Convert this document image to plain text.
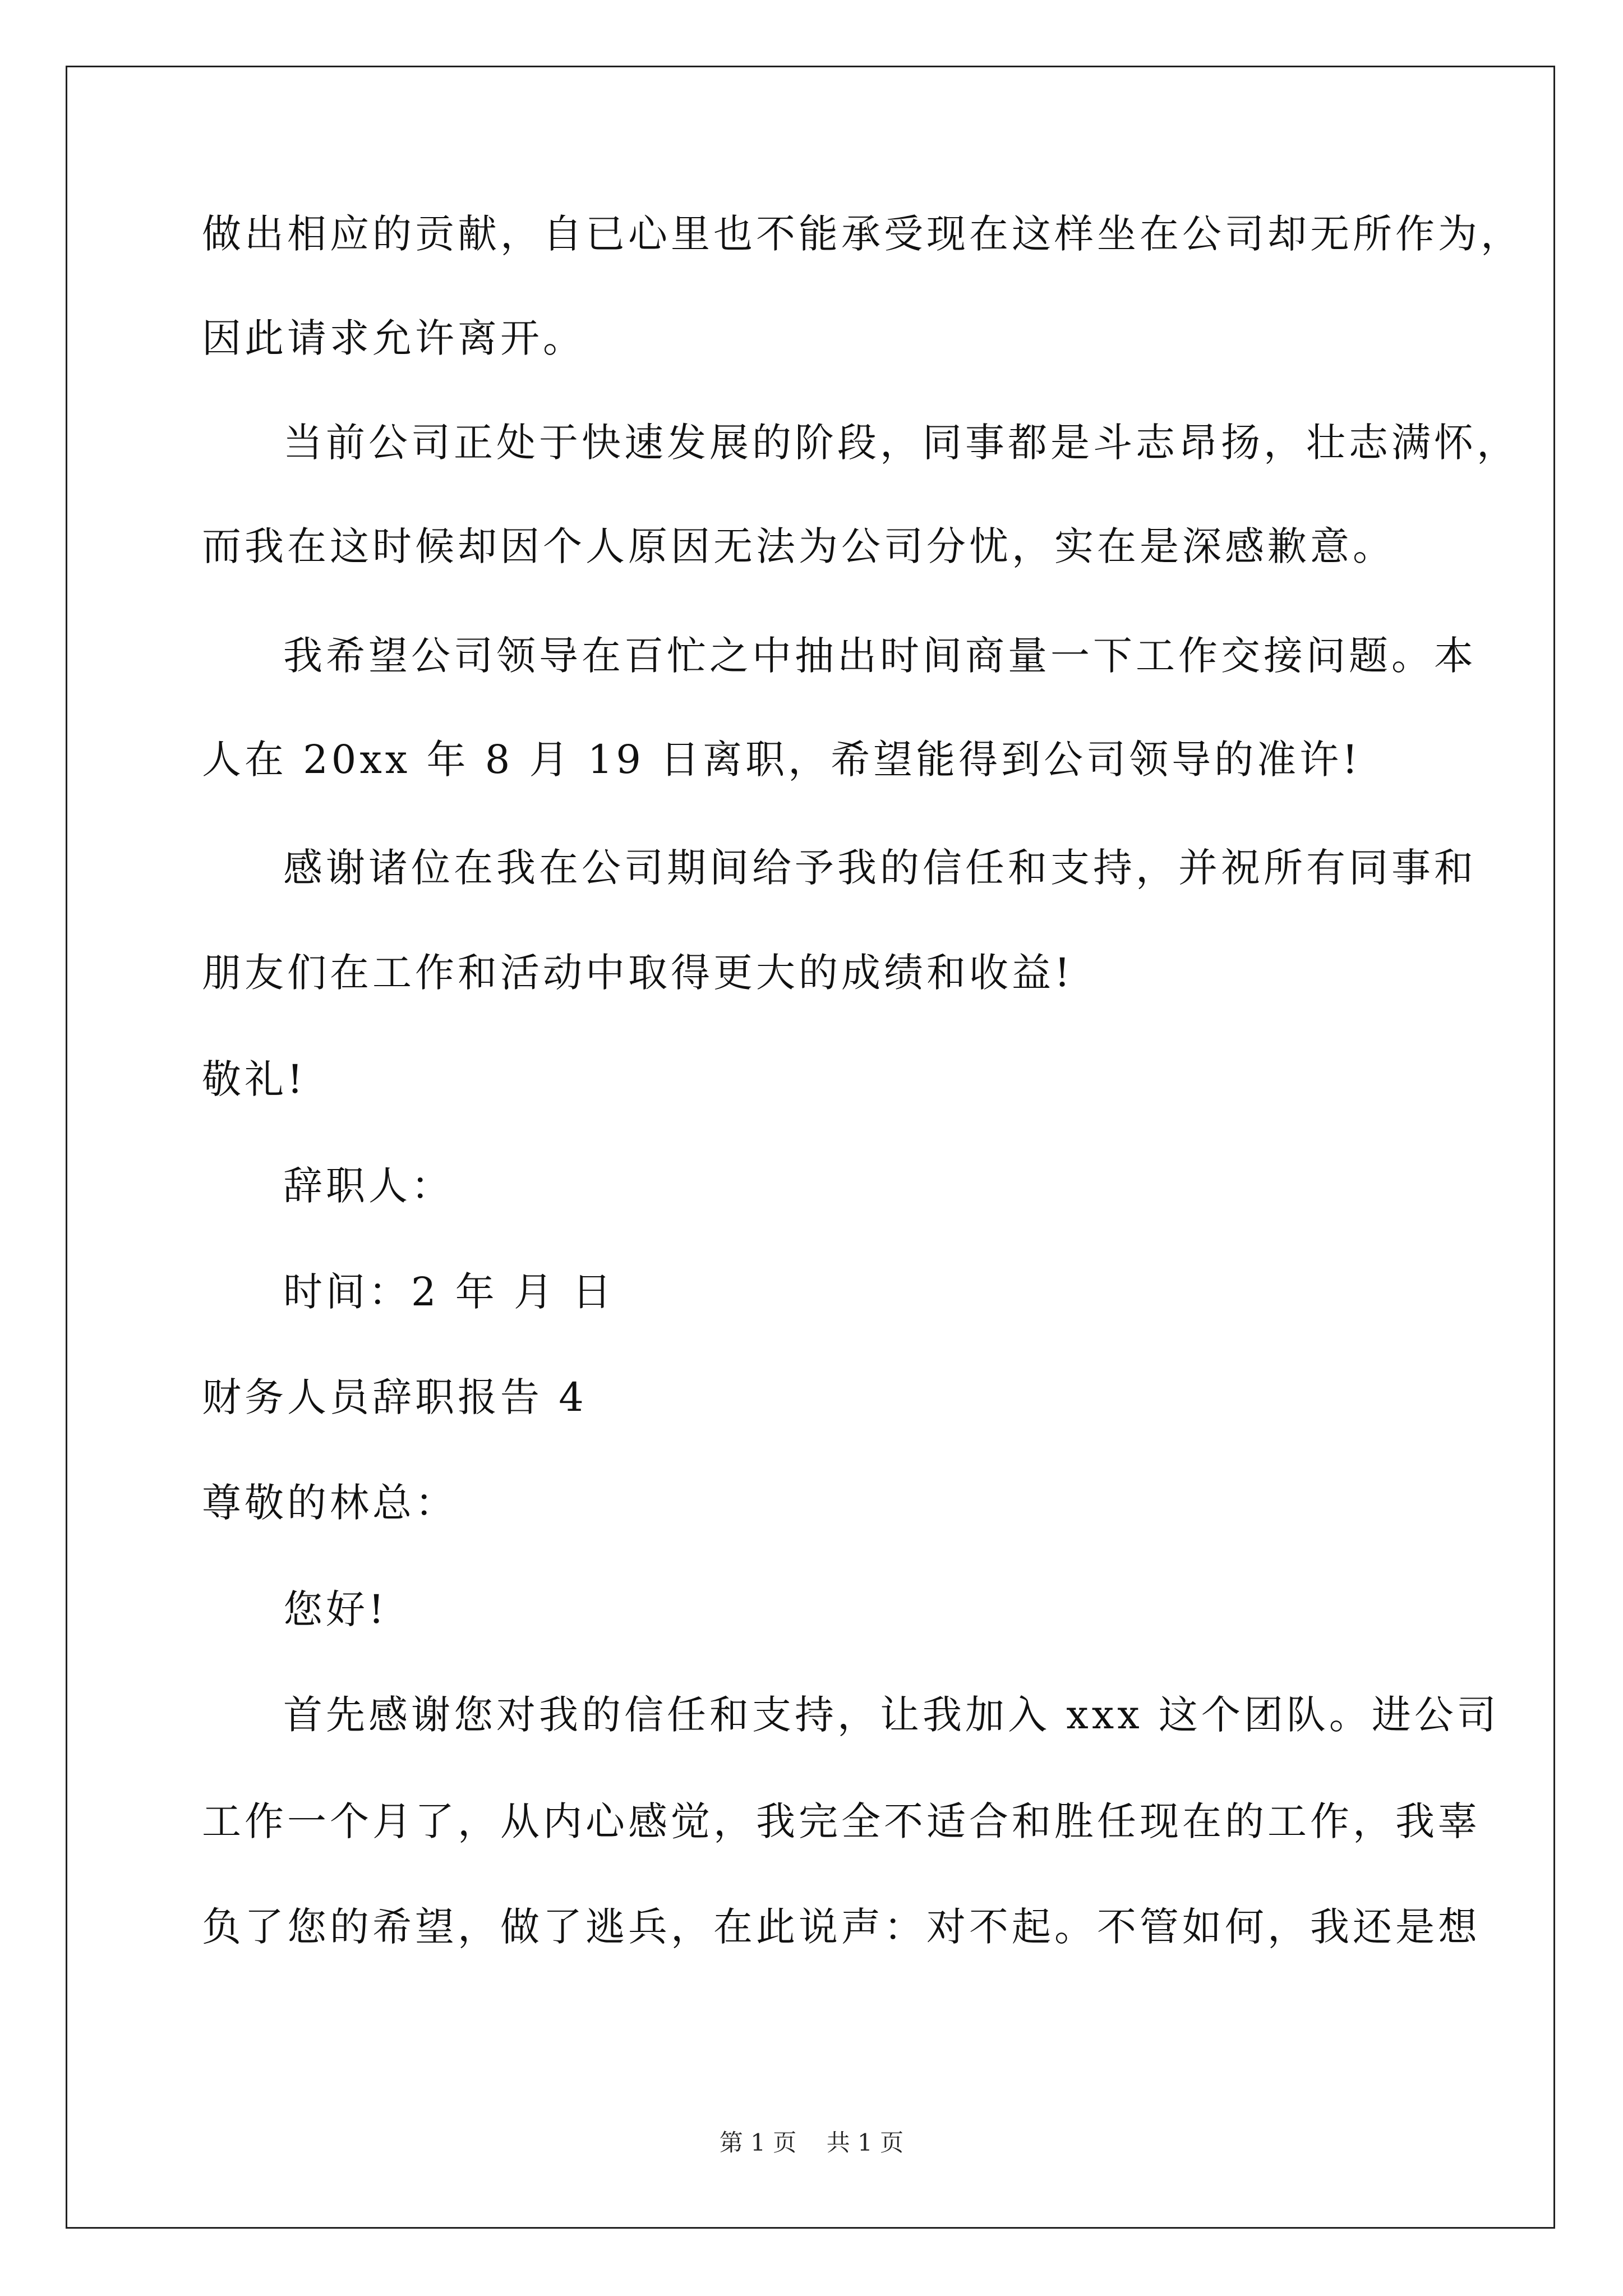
做出相应的贡献，自已心里也不能承受现在这样坐在公司却无所作为，
因此请求允许离开。
当前公司正处于快速发展的阶段，同事都是斗志昂扬，壮志满怀，
而我在这时候却因个人原因无法为公司分忧，实在是深感歉意。
我希望公司领导在百忙之中抽出时间商量一下工作交接问题。本
人在 20xx 年 8 月 19 日离职，希望能得到公司领导的准许!
感谢诸位在我在公司期间给予我的信任和支持，并祝所有同事和
朋友们在工作和活动中取得更大的成绩和收益!
敬礼!
辞职人：
时间：2 年 月 日
财务人员辞职报告 4
尊敬的林总：
您好!
首先感谢您对我的信任和支持，让我加入 xxx 这个团队。进公司
工作一个月了，从内心感觉，我完全不适合和胜任现在的工作，我辜
负了您的希望，做了逃兵，在此说声：对不起。不管如何，我还是想
第 1 页    共 1 页
